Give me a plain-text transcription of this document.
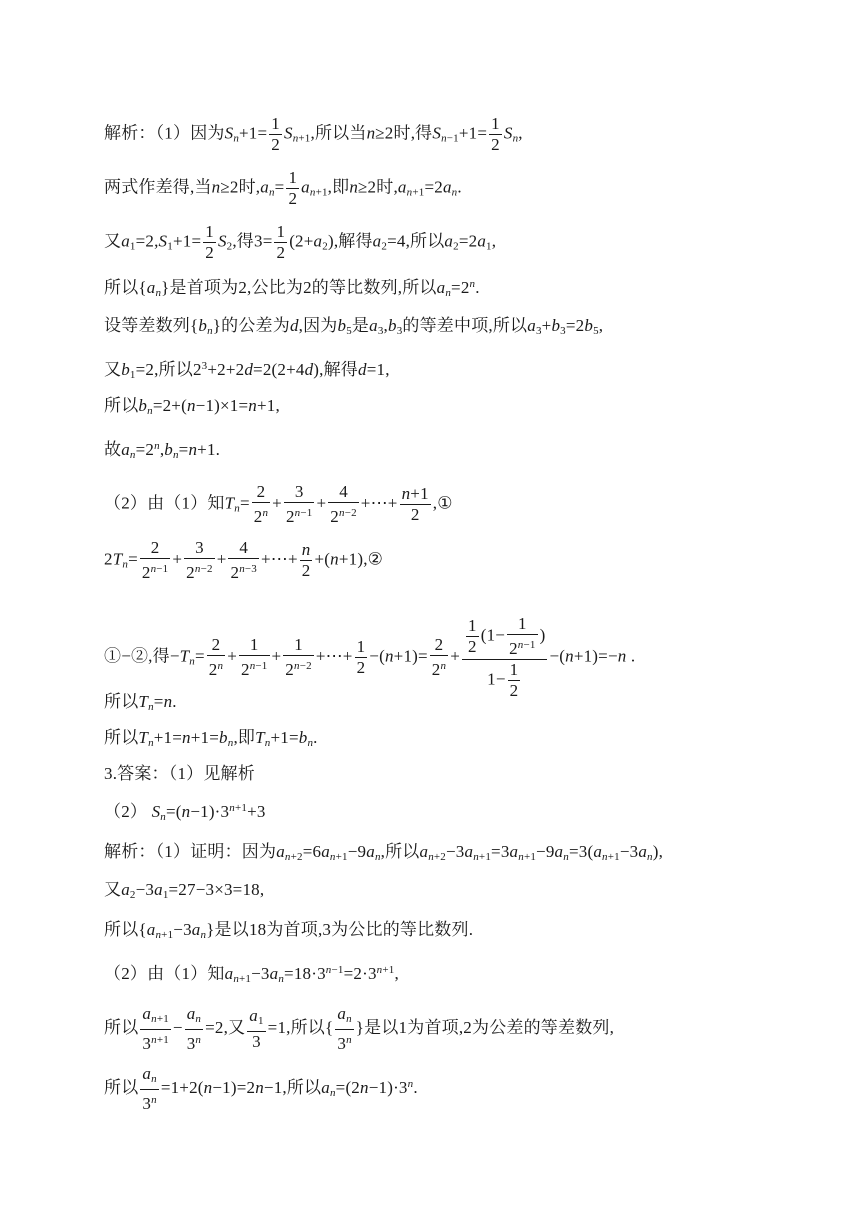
解析：（1）因为$S_n+1= \frac{1}{2} S_{n+1}$,所以当n≥2时,得$S_{n-1}+1= \frac{1}{2} S_n$,
两式作差得,当n≥2时$,a_n= \frac{1}{2} a_{n+1}$,即n≥2时$,a_{n+1}=2a_n$.
又$a_1=2,S_1+1= \frac{1}{2} S_2$,得$3= \frac{1}{2} (2+a_2)$,解得$a_2=4$,所以$a_2=2a_1$,
所以$\{a_n\}$是首项为2,公比为2的等比数列,所以$a_n=2^n$.
设等差数列$\{b_n\}$的公差为d,因为$b_5$是$a_3,b_3$的等差中项,所以$a_3+b_3=2b_5$,
又$b_1=2$,所以$2^3+2+2d=2(2+4d)$,解得d=1,
所以$b_n=2+(n-1)\times 1=n+1$,
故$a_n=2^n,b_n=n+1$.
（2）由（1）知$T_n= \frac{2}{2^n} + \frac{3}{2^{n-1}} + \frac{4}{2^{n-2}}$ +⋯+ $\frac{n+1}{2}$ ,①
$2T_n= \frac{2}{2^{n-1}} + \frac{3}{2^{n-2}} + \frac{4}{2^{n-3}}$ +⋯+ $\frac{n}{2}$ +(n+1),②
①−②,得$-T_n= \frac{2}{2^n} + \frac{1}{2^{n-1}} + \frac{1}{2^{n-2}}$ +⋯+ $\frac{1}{2} -(n+1)= \frac{2}{2^n} + \frac{\frac{1}{2} (1- \frac{1}{2^{n-1}} )}{1- \frac{1}{2}} -(n+1)=-n$ .
所以$T_n=n$.
所以$T_n+1=n+1=b_n$,即$T_n+1=b_n$.
3.答案：（1）见解析
（2） $S_n=(n-1)\cdot 3^{n+1}+3$
解析：（1）证明：因为$a_{n+2}=6a_{n+1}-9a_n$,所以$a_{n+2}-3a_{n+1}=3a_{n+1}-9a_n=3(a_{n+1}-3a_n)$,
又$a_2-3a_1=27-3\times 3=18$,
所以$\{a_{n+1}-3a_n\}$是以18为首项,3为公比的等比数列.
（2）由（1）知$a_{n+1}-3a_n=18\cdot 3^{n-1}=2\cdot 3^{n+1}$,
所以 $\frac{a_{n+1}}{3^{n+1}} - \frac{a_n}{3^n} =2$,又 $\frac{a_1}{3} =1$,所以{ $\frac{a_n}{3^n}$ }是以1为首项,2为公差的等差数列,
所以 $\frac{a_n}{3^n} =1+2(n-1)=2n-1$,所以$a_n=(2n-1)\cdot 3^n$.
